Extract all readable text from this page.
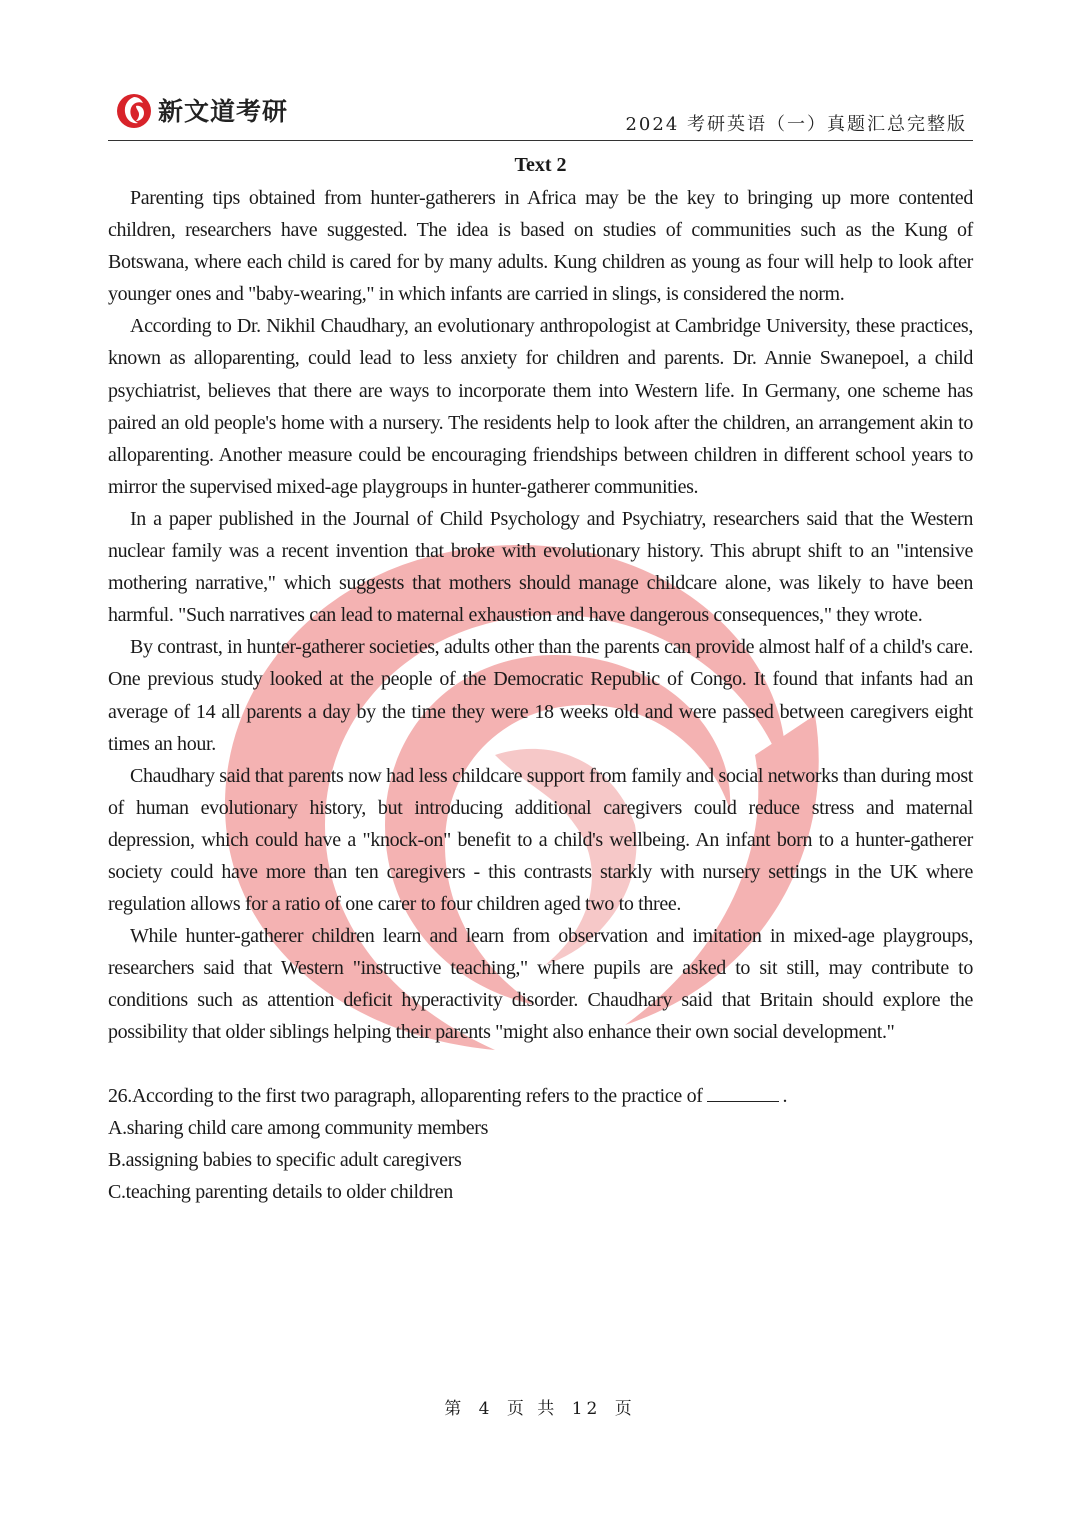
新文道考研	2024 考研英语（一）真题汇总完整版
Text 2

Parenting tips obtained from hunter-gatherers in Africa may be the key to bringing up more contented children, researchers have suggested. The idea is based on studies of communities such as the Kung of Botswana, where each child is cared for by many adults. Kung children as young as four will help to look after younger ones and "baby-wearing," in which infants are carried in slings, is considered the norm.

According to Dr. Nikhil Chaudhary, an evolutionary anthropologist at Cambridge University, these practices, known as alloparenting, could lead to less anxiety for children and parents. Dr. Annie Swanepoel, a child psychiatrist, believes that there are ways to incorporate them into Western life. In Germany, one scheme has paired an old people's home with a nursery. The residents help to look after the children, an arrangement akin to alloparenting. Another measure could be encouraging friendships between children in different school years to mirror the supervised mixed-age playgroups in hunter-gatherer communities.

In a paper published in the Journal of Child Psychology and Psychiatry, researchers said that the Western nuclear family was a recent invention that broke with evolutionary history. This abrupt shift to an "intensive mothering narrative," which suggests that mothers should manage childcare alone, was likely to have been harmful. "Such narratives can lead to maternal exhaustion and have dangerous consequences," they wrote.

By contrast, in hunter-gatherer societies, adults other than the parents can provide almost half of a child's care. One previous study looked at the people of the Democratic Republic of Congo. It found that infants had an average of 14 all parents a day by the time they were 18 weeks old and were passed between caregivers eight times an hour.

Chaudhary said that parents now had less childcare support from family and social networks than during most of human evolutionary history, but introducing additional caregivers could reduce stress and maternal depression, which could have a "knock-on" benefit to a child's wellbeing. An infant born to a hunter-gatherer society could have more than ten caregivers - this contrasts starkly with nursery settings in the UK where regulation allows for a ratio of one carer to four children aged two to three.

While hunter-gatherer children learn and learn from observation and imitation in mixed-age playgroups, researchers said that Western "instructive teaching," where pupils are asked to sit still, may contribute to conditions such as attention deficit hyperactivity disorder. Chaudhary said that Britain should explore the possibility that older siblings helping their parents "might also enhance their own social development."

26.According to the first two paragraph, alloparenting refers to the practice of	.

A.sharing child care among community members

B.assigning babies to specific adult caregivers

C.teaching parenting details to older children

第 4 页 共 12 页
